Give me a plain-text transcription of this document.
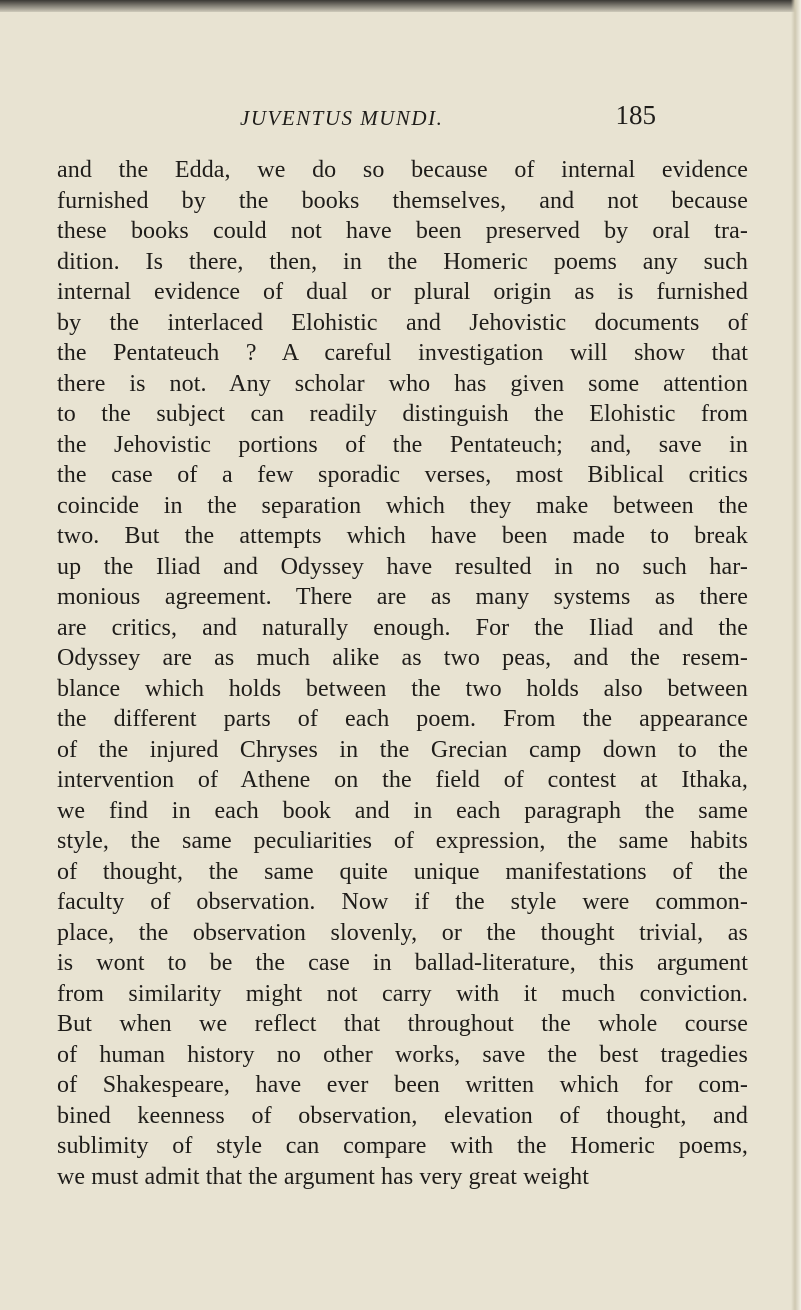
JUVENTUS MUNDI.	185
and the Edda, we do so because of internal evidence
furnished by the books themselves, and not because
these books could not have been preserved by oral tra-
dition. Is there, then, in the Homeric poems any such
internal evidence of dual or plural origin as is furnished
by the interlaced Elohistic and Jehovistic documents of
the Pentateuch ? A careful investigation will show that
there is not. Any scholar who has given some attention
to the subject can readily distinguish the Elohistic from
the Jehovistic portions of the Pentateuch; and, save in
the case of a few sporadic verses, most Biblical critics
coincide in the separation which they make between the
two. But the attempts which have been made to break
up the Iliad and Odyssey have resulted in no such har-
monious agreement. There are as many systems as there
are critics, and naturally enough. For the Iliad and the
Odyssey are as much alike as two peas, and the resem-
blance which holds between the two holds also between
the different parts of each poem. From the appearance
of the injured Chryses in the Grecian camp down to the
intervention of Athene on the field of contest at Ithaka,
we find in each book and in each paragraph the same
style, the same peculiarities of expression, the same habits
of thought, the same quite unique manifestations of the
faculty of observation. Now if the style were common-
place, the observation slovenly, or the thought trivial, as
is wont to be the case in ballad-literature, this argument
from similarity might not carry with it much conviction.
But when we reflect that throughout the whole course
of human history no other works, save the best tragedies
of Shakespeare, have ever been written which for com-
bined keenness of observation, elevation of thought, and
sublimity of style can compare with the Homeric poems,
we must admit that the argument has very great weight
